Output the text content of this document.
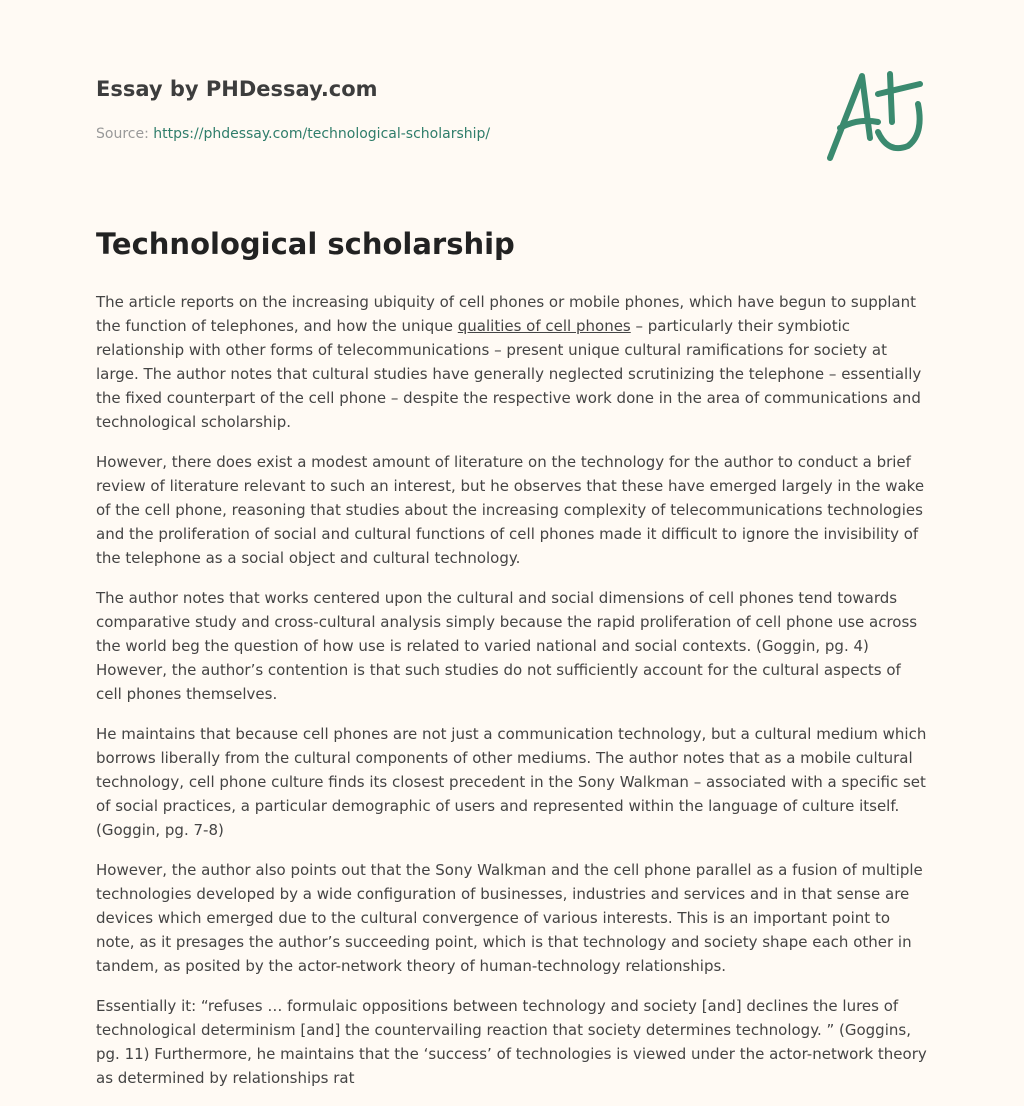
Essay by PHDessay.com
Source: https://phdessay.com/technological-scholarship/
Technological scholarship

The article reports on the increasing ubiquity of cell phones or mobile phones, which have begun to supplant the function of telephones, and how the unique qualities of cell phones – particularly their symbiotic relationship with other forms of telecommunications – present unique cultural ramifications for society at large. The author notes that cultural studies have generally neglected scrutinizing the telephone – essentially the fixed counterpart of the cell phone – despite the respective work done in the area of communications and technological scholarship.

However, there does exist a modest amount of literature on the technology for the author to conduct a brief review of literature relevant to such an interest, but he observes that these have emerged largely in the wake of the cell phone, reasoning that studies about the increasing complexity of telecommunications technologies and the proliferation of social and cultural functions of cell phones made it difficult to ignore the invisibility of the telephone as a social object and cultural technology.

The author notes that works centered upon the cultural and social dimensions of cell phones tend towards comparative study and cross-cultural analysis simply because the rapid proliferation of cell phone use across the world beg the question of how use is related to varied national and social contexts. (Goggin, pg. 4) However, the author’s contention is that such studies do not sufficiently account for the cultural aspects of cell phones themselves.

He maintains that because cell phones are not just a communication technology, but a cultural medium which borrows liberally from the cultural components of other mediums. The author notes that as a mobile cultural technology, cell phone culture finds its closest precedent in the Sony Walkman – associated with a specific set of social practices, a particular demographic of users and represented within the language of culture itself. (Goggin, pg. 7-8)

However, the author also points out that the Sony Walkman and the cell phone parallel as a fusion of multiple technologies developed by a wide configuration of businesses, industries and services and in that sense are devices which emerged due to the cultural convergence of various interests. This is an important point to note, as it presages the author’s succeeding point, which is that technology and society shape each other in tandem, as posited by the actor-network theory of human-technology relationships.

Essentially it: “refuses … formulaic oppositions between technology and society [and] declines the lures of technological determinism [and] the countervailing reaction that society determines technology. ” (Goggins, pg. 11) Furthermore, he maintains that the ‘success’ of technologies is viewed under the actor-network theory as determined by relationships rat
